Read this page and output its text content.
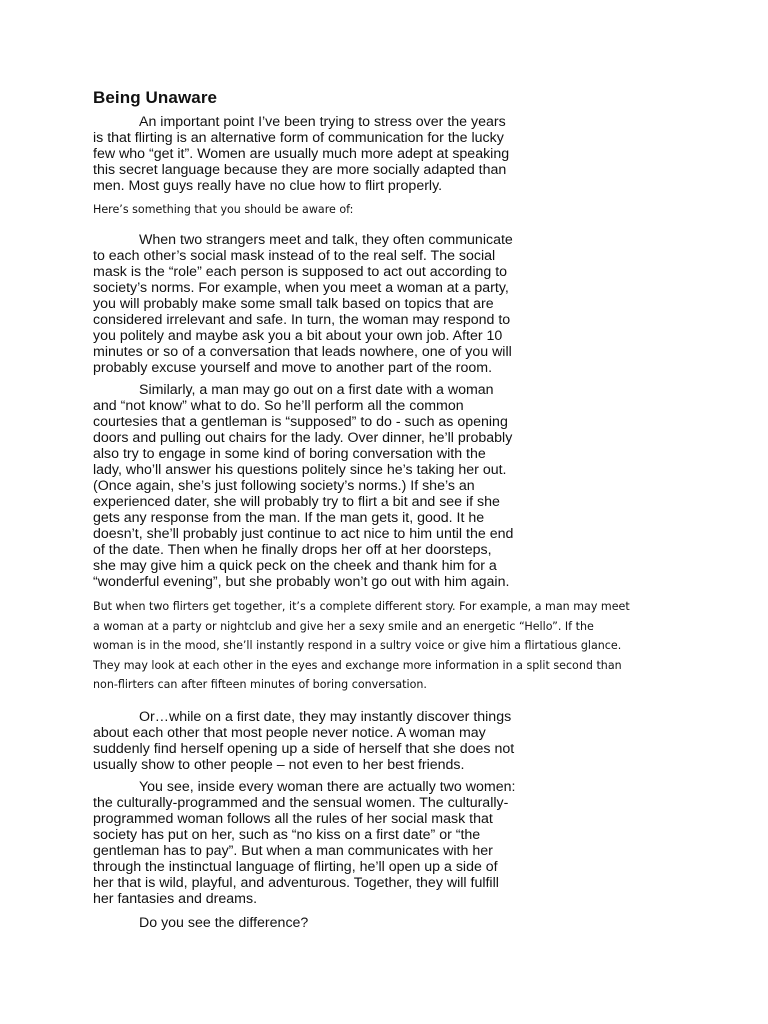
Being Unaware

An important point I’ve been trying to stress over the years
is that flirting is an alternative form of communication for the lucky
few who “get it”. Women are usually much more adept at speaking
this secret language because they are more socially adapted than
men. Most guys really have no clue how to flirt properly.

Here’s something that you should be aware of:

When two strangers meet and talk, they often communicate
to each other’s social mask instead of to the real self. The social
mask is the “role” each person is supposed to act out according to
society’s norms. For example, when you meet a woman at a party,
you will probably make some small talk based on topics that are
considered irrelevant and safe. In turn, the woman may respond to
you politely and maybe ask you a bit about your own job. After 10
minutes or so of a conversation that leads nowhere, one of you will
probably excuse yourself and move to another part of the room.

Similarly, a man may go out on a first date with a woman
and “not know” what to do. So he’ll perform all the common
courtesies that a gentleman is “supposed” to do - such as opening
doors and pulling out chairs for the lady. Over dinner, he’ll probably
also try to engage in some kind of boring conversation with the
lady, who’ll answer his questions politely since he’s taking her out.
(Once again, she’s just following society’s norms.) If she’s an
experienced dater, she will probably try to flirt a bit and see if she
gets any response from the man. If the man gets it, good. It he
doesn’t, she’ll probably just continue to act nice to him until the end
of the date. Then when he finally drops her off at her doorsteps,
she may give him a quick peck on the cheek and thank him for a
“wonderful evening”, but she probably won’t go out with him again.

But when two flirters get together, it’s a complete different story. For example, a man may meet
a woman at a party or nightclub and give her a sexy smile and an energetic “Hello”. If the
woman is in the mood, she’ll instantly respond in a sultry voice or give him a flirtatious glance.
They may look at each other in the eyes and exchange more information in a split second than
non-flirters can after fifteen minutes of boring conversation.

Or…while on a first date, they may instantly discover things
about each other that most people never notice. A woman may
suddenly find herself opening up a side of herself that she does not
usually show to other people – not even to her best friends.

You see, inside every woman there are actually two women:
the culturally-programmed and the sensual women. The culturally-
programmed woman follows all the rules of her social mask that
society has put on her, such as “no kiss on a first date” or “the
gentleman has to pay”. But when a man communicates with her
through the instinctual language of flirting, he’ll open up a side of
her that is wild, playful, and adventurous. Together, they will fulfill
her fantasies and dreams.

Do you see the difference?
